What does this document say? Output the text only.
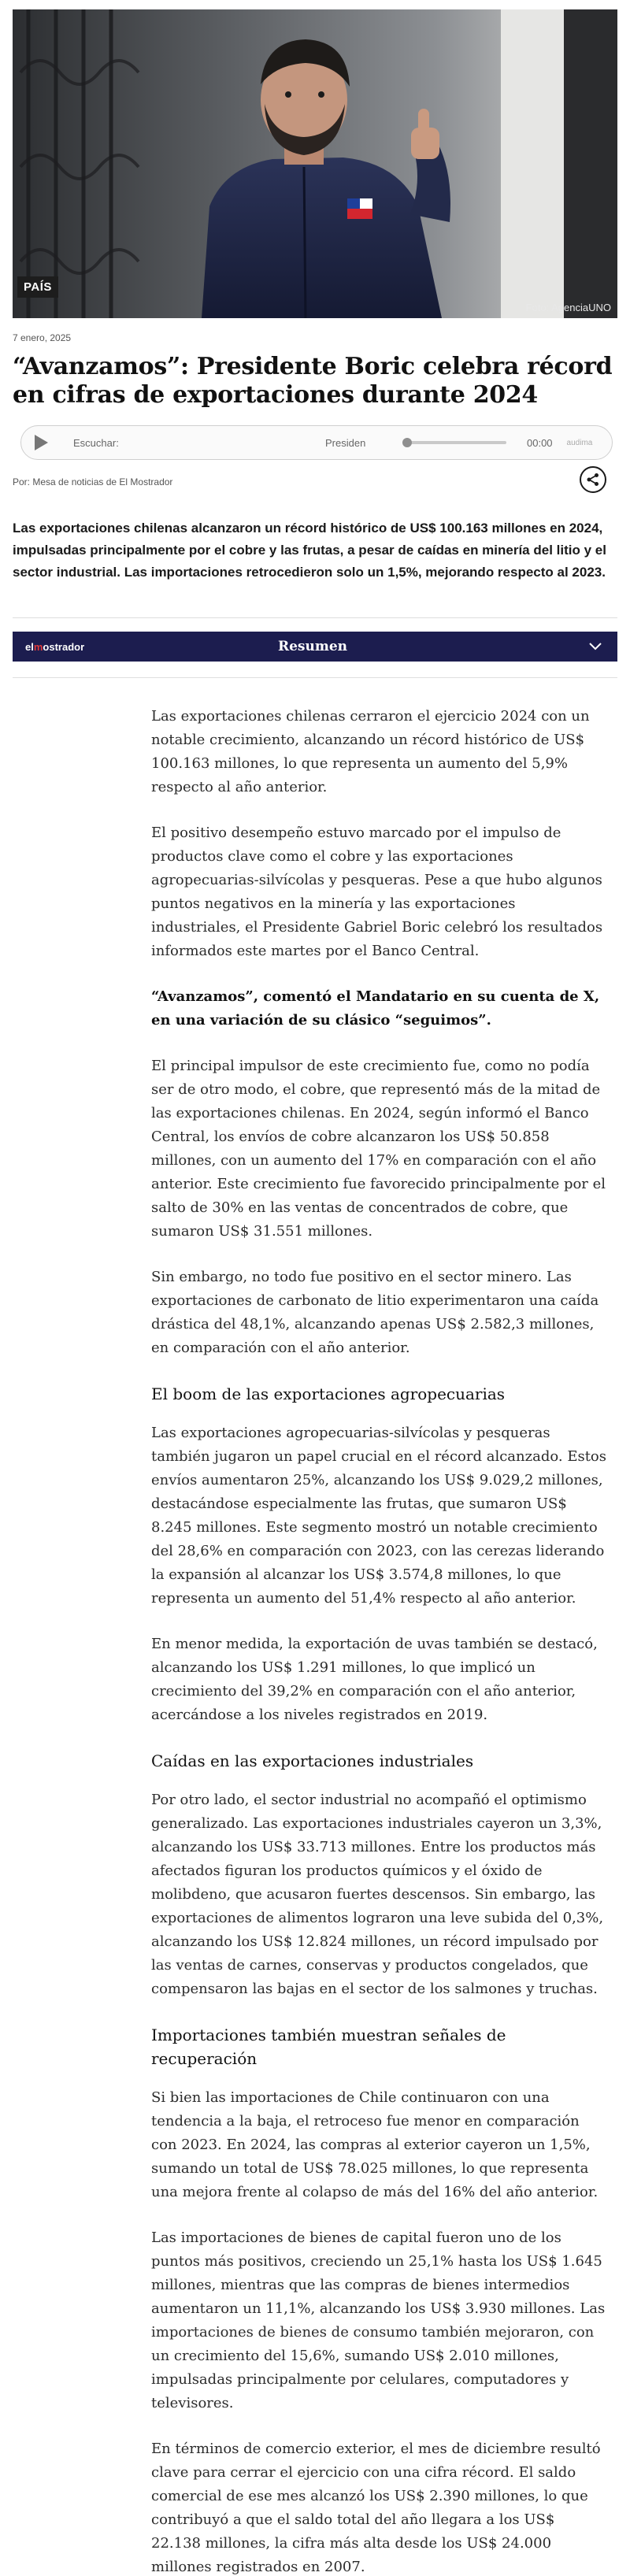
PAÍS
Foto: AgenciaUNO
7 enero, 2025
“Avanzamos”: Presidente Boric celebra récord en cifras de exportaciones durante 2024
Escuchar:	Presiden	00:00 audima
Por: Mesa de noticias de El Mostrador

Las exportaciones chilenas alcanzaron un récord histórico de US$ 100.163 millones en 2024, impulsadas principalmente por el cobre y las frutas, a pesar de caídas en minería del litio y el sector industrial. Las importaciones retrocedieron solo un 1,5%, mejorando respecto al 2023.

elmostrador	Resumen

Las exportaciones chilenas cerraron el ejercicio 2024 con un notable crecimiento, alcanzando un récord histórico de US$ 100.163 millones, lo que representa un aumento del 5,9% respecto al año anterior.

El positivo desempeño estuvo marcado por el impulso de productos clave como el cobre y las exportaciones agropecuarias-silvícolas y pesqueras. Pese a que hubo algunos puntos negativos en la minería y las exportaciones industriales, el Presidente Gabriel Boric celebró los resultados informados este martes por el Banco Central.

“Avanzamos”, comentó el Mandatario en su cuenta de X, en una variación de su clásico “seguimos”.

El principal impulsor de este crecimiento fue, como no podía ser de otro modo, el cobre, que representó más de la mitad de las exportaciones chilenas. En 2024, según informó el Banco Central, los envíos de cobre alcanzaron los US$ 50.858 millones, con un aumento del 17% en comparación con el año anterior. Este crecimiento fue favorecido principalmente por el salto de 30% en las ventas de concentrados de cobre, que sumaron US$ 31.551 millones.

Sin embargo, no todo fue positivo en el sector minero. Las exportaciones de carbonato de litio experimentaron una caída drástica del 48,1%, alcanzando apenas US$ 2.582,3 millones, en comparación con el año anterior.

El boom de las exportaciones agropecuarias

Las exportaciones agropecuarias-silvícolas y pesqueras también jugaron un papel crucial en el récord alcanzado. Estos envíos aumentaron 25%, alcanzando los US$ 9.029,2 millones, destacándose especialmente las frutas, que sumaron US$ 8.245 millones. Este segmento mostró un notable crecimiento del 28,6% en comparación con 2023, con las cerezas liderando la expansión al alcanzar los US$ 3.574,8 millones, lo que representa un aumento del 51,4% respecto al año anterior.

En menor medida, la exportación de uvas también se destacó, alcanzando los US$ 1.291 millones, lo que implicó un crecimiento del 39,2% en comparación con el año anterior, acercándose a los niveles registrados en 2019.

Caídas en las exportaciones industriales

Por otro lado, el sector industrial no acompañó el optimismo generalizado. Las exportaciones industriales cayeron un 3,3%, alcanzando los US$ 33.713 millones. Entre los productos más afectados figuran los productos químicos y el óxido de molibdeno, que acusaron fuertes descensos. Sin embargo, las exportaciones de alimentos lograron una leve subida del 0,3%, alcanzando los US$ 12.824 millones, un récord impulsado por las ventas de carnes, conservas y productos congelados, que compensaron las bajas en el sector de los salmones y truchas.

Importaciones también muestran señales de recuperación

Si bien las importaciones de Chile continuaron con una tendencia a la baja, el retroceso fue menor en comparación con 2023. En 2024, las compras al exterior cayeron un 1,5%, sumando un total de US$ 78.025 millones, lo que representa una mejora frente al colapso de más del 16% del año anterior.

Las importaciones de bienes de capital fueron uno de los puntos más positivos, creciendo un 25,1% hasta los US$ 1.645 millones, mientras que las compras de bienes intermedios aumentaron un 11,1%, alcanzando los US$ 3.930 millones. Las importaciones de bienes de consumo también mejoraron, con un crecimiento del 15,6%, sumando US$ 2.010 millones, impulsadas principalmente por celulares, computadores y televisores.

En términos de comercio exterior, el mes de diciembre resultó clave para cerrar el ejercicio con una cifra récord. El saldo comercial de ese mes alcanzó los US$ 2.390 millones, lo que contribuyó a que el saldo total del año llegara a los US$ 22.138 millones, la cifra más alta desde los US$ 24.000 millones registrados en 2007.
